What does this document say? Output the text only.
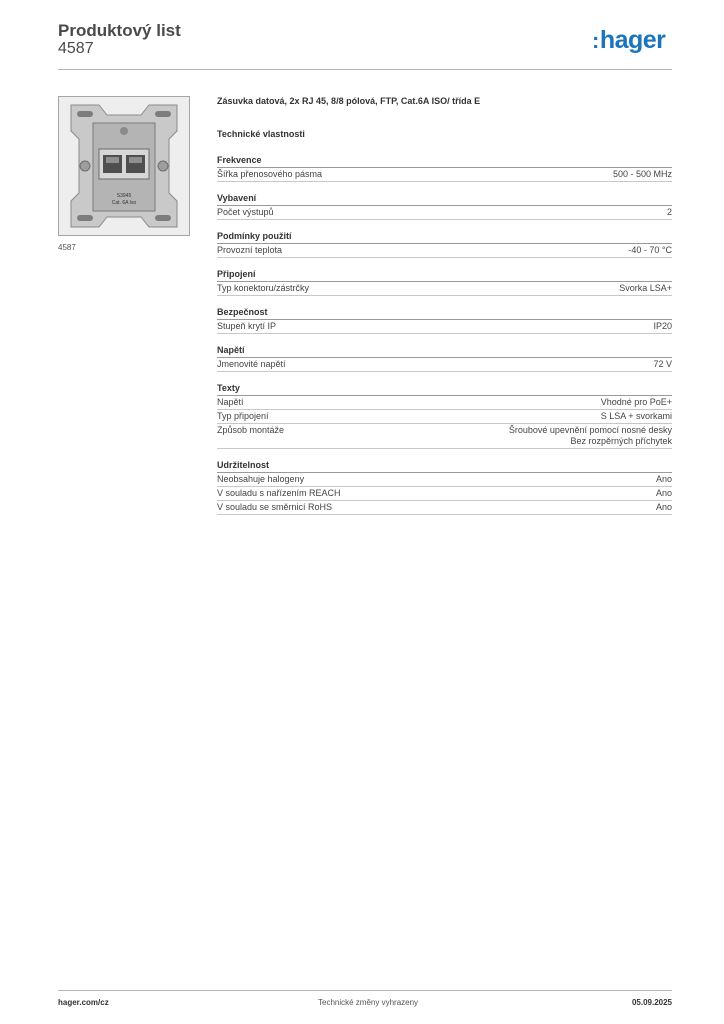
Produktový list
4587	:hager
S3945
Cat. 6A Iso
4587
Zásuvka datová, 2x RJ 45, 8/8 pólová, FTP, Cat.6A ISO/ třída E
Technické vlastnosti
Frekvence
Šířka přenosového pásma	500 - 500 MHz
Vybavení
Počet výstupů	2
Podmínky použití
Provozní teplota	-40 - 70 °C
Připojení
Typ konektoru/zástrčky	Svorka LSA+
Bezpečnost
Stupeň krytí IP	IP20
Napětí
Jmenovité napětí	72 V
Texty
Napětí	Vhodné pro PoE+
Typ připojení	S LSA + svorkami
Způsob montáže	Šroubové upevnění pomocí nosné desky
Bez rozpěrných příchytek
Udržitelnost
Neobsahuje halogeny	Ano
V souladu s nařízením REACH	Ano
V souladu se směrnicí RoHS	Ano
hager.com/cz	Technické změny vyhrazeny	05.09.2025
